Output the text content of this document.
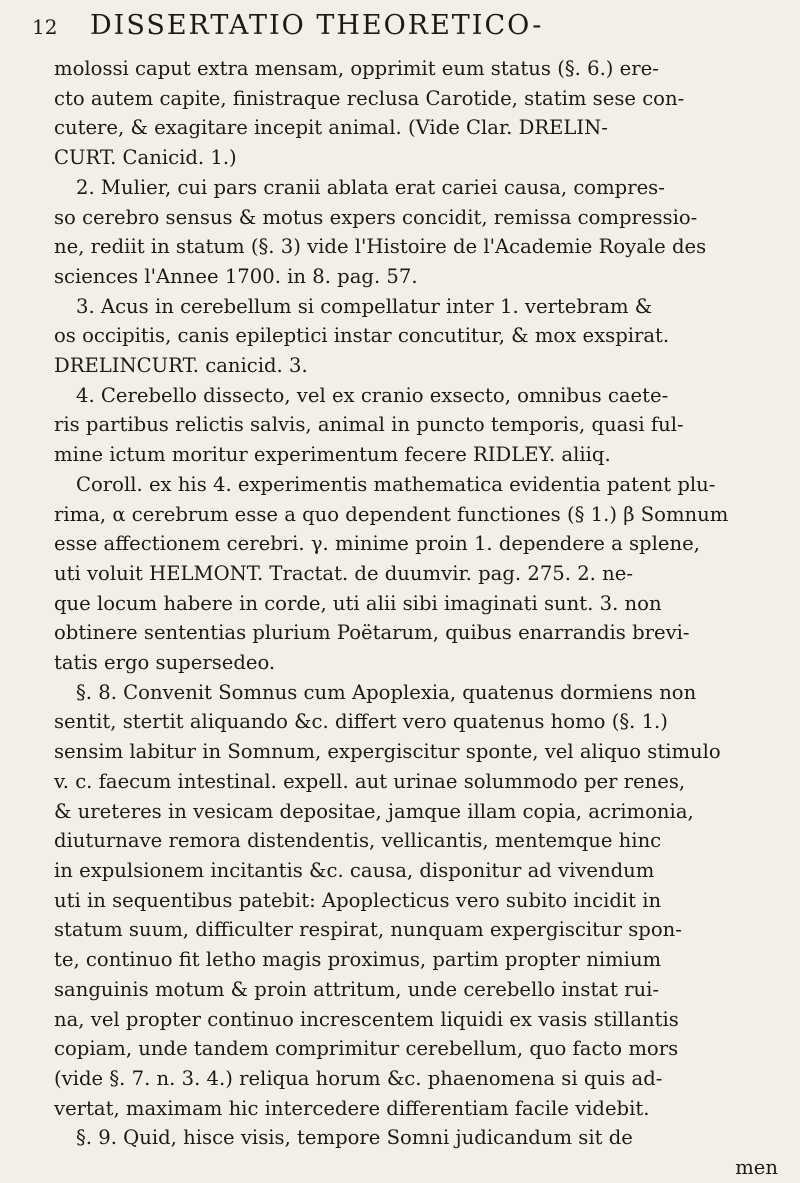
12	DISSERTATIO THEORETICO-
molossi caput extra mensam, opprimit eum status (§. 6.) ere-
cto autem capite, finistraque reclusa Carotide, statim sese con-
cutere, & exagitare incepit animal. (Vide Clar. DRELIN-
CURT. Canicid. 1.)
2. Mulier, cui pars cranii ablata erat cariei causa, compres-
so cerebro sensus & motus expers concidit, remissa compressio-
ne, rediit in statum (§. 3) vide l'Histoire de l'Academie Royale des
sciences l'Annee 1700. in 8. pag. 57.
3. Acus in cerebellum si compellatur inter 1. vertebram &
os occipitis, canis epileptici instar concutitur, & mox exspirat.
DRELINCURT. canicid. 3.
4. Cerebello dissecto, vel ex cranio exsecto, omnibus caete-
ris partibus relictis salvis, animal in puncto temporis, quasi ful-
mine ictum moritur experimentum fecere RIDLEY. aliiq.
Coroll. ex his 4. experimentis mathematica evidentia patent plu-
rima, α cerebrum esse a quo dependent functiones (§ 1.) β Somnum
esse affectionem cerebri. γ. minime proin 1. dependere a splene,
uti voluit HELMONT. Tractat. de duumvir. pag. 275. 2. ne-
que locum habere in corde, uti alii sibi imaginati sunt. 3. non
obtinere sententias plurium Poëtarum, quibus enarrandis brevi-
tatis ergo supersedeo.
§. 8. Convenit Somnus cum Apoplexia, quatenus dormiens non
sentit, stertit aliquando &c. differt vero quatenus homo (§. 1.)
sensim labitur in Somnum, expergiscitur sponte, vel aliquo stimulo
v. c. faecum intestinal. expell. aut urinae solummodo per renes,
& ureteres in vesicam depositae, jamque illam copia, acrimonia,
diuturnave remora distendentis, vellicantis, mentemque hinc
in expulsionem incitantis &c. causa, disponitur ad vivendum
uti in sequentibus patebit: Apoplecticus vero subito incidit in
statum suum, difficulter respirat, nunquam expergiscitur spon-
te, continuo fit letho magis proximus, partim propter nimium
sanguinis motum & proin attritum, unde cerebello instat rui-
na, vel propter continuo increscentem liquidi ex vasis stillantis
copiam, unde tandem comprimitur cerebellum, quo facto mors
(vide §. 7. n. 3. 4.) reliqua horum &c. phaenomena si quis ad-
vertat, maximam hic intercedere differentiam facile videbit.
§. 9. Quid, hisce visis, tempore Somni judicandum sit de
men
